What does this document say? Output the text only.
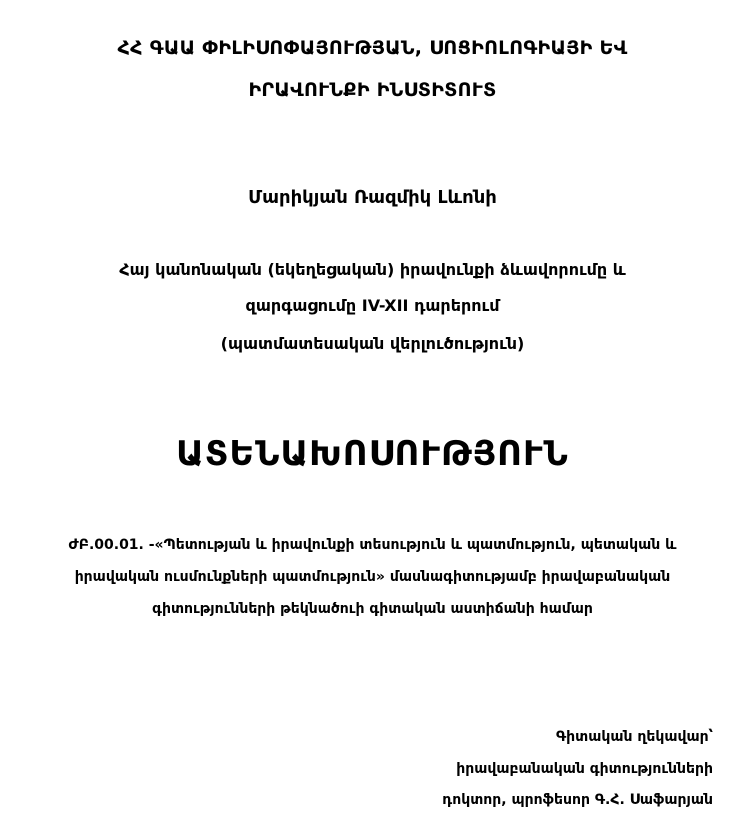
ՀՀ ԳԱԱ ՓԻԼԻՍՈՓԱՅՈՒԹՅԱՆ, ՍՈՑԻՈԼՈԳԻԱՅԻ ԵՎ
ԻՐԱՎՈՒՆՔԻ ԻՆՍՏԻՏՈՒՏ
Մարիկյան Ռազմիկ Լևոնի
Հայ կանոնական (եկեղեցական) իրավունքի ձևավորումը և
զարգացումը IV-XII դարերում
(պատմատեսական վերլուծություն)
ԱՏԵՆԱԽՈՍՈՒԹՅՈՒՆ
ԺԲ.00.01. -«Պետության և իրավունքի տեսություն և պատմություն, պետական և
իրավական ուսմունքների պատմություն» մասնագիտությամբ իրավաբանական
գիտությունների թեկնածուի գիտական աստիճանի համար
Գիտական ղեկավար՝
իրավաբանական գիտությունների
դոկտոր, պրոֆեսոր Գ.Հ. Սաֆարյան
